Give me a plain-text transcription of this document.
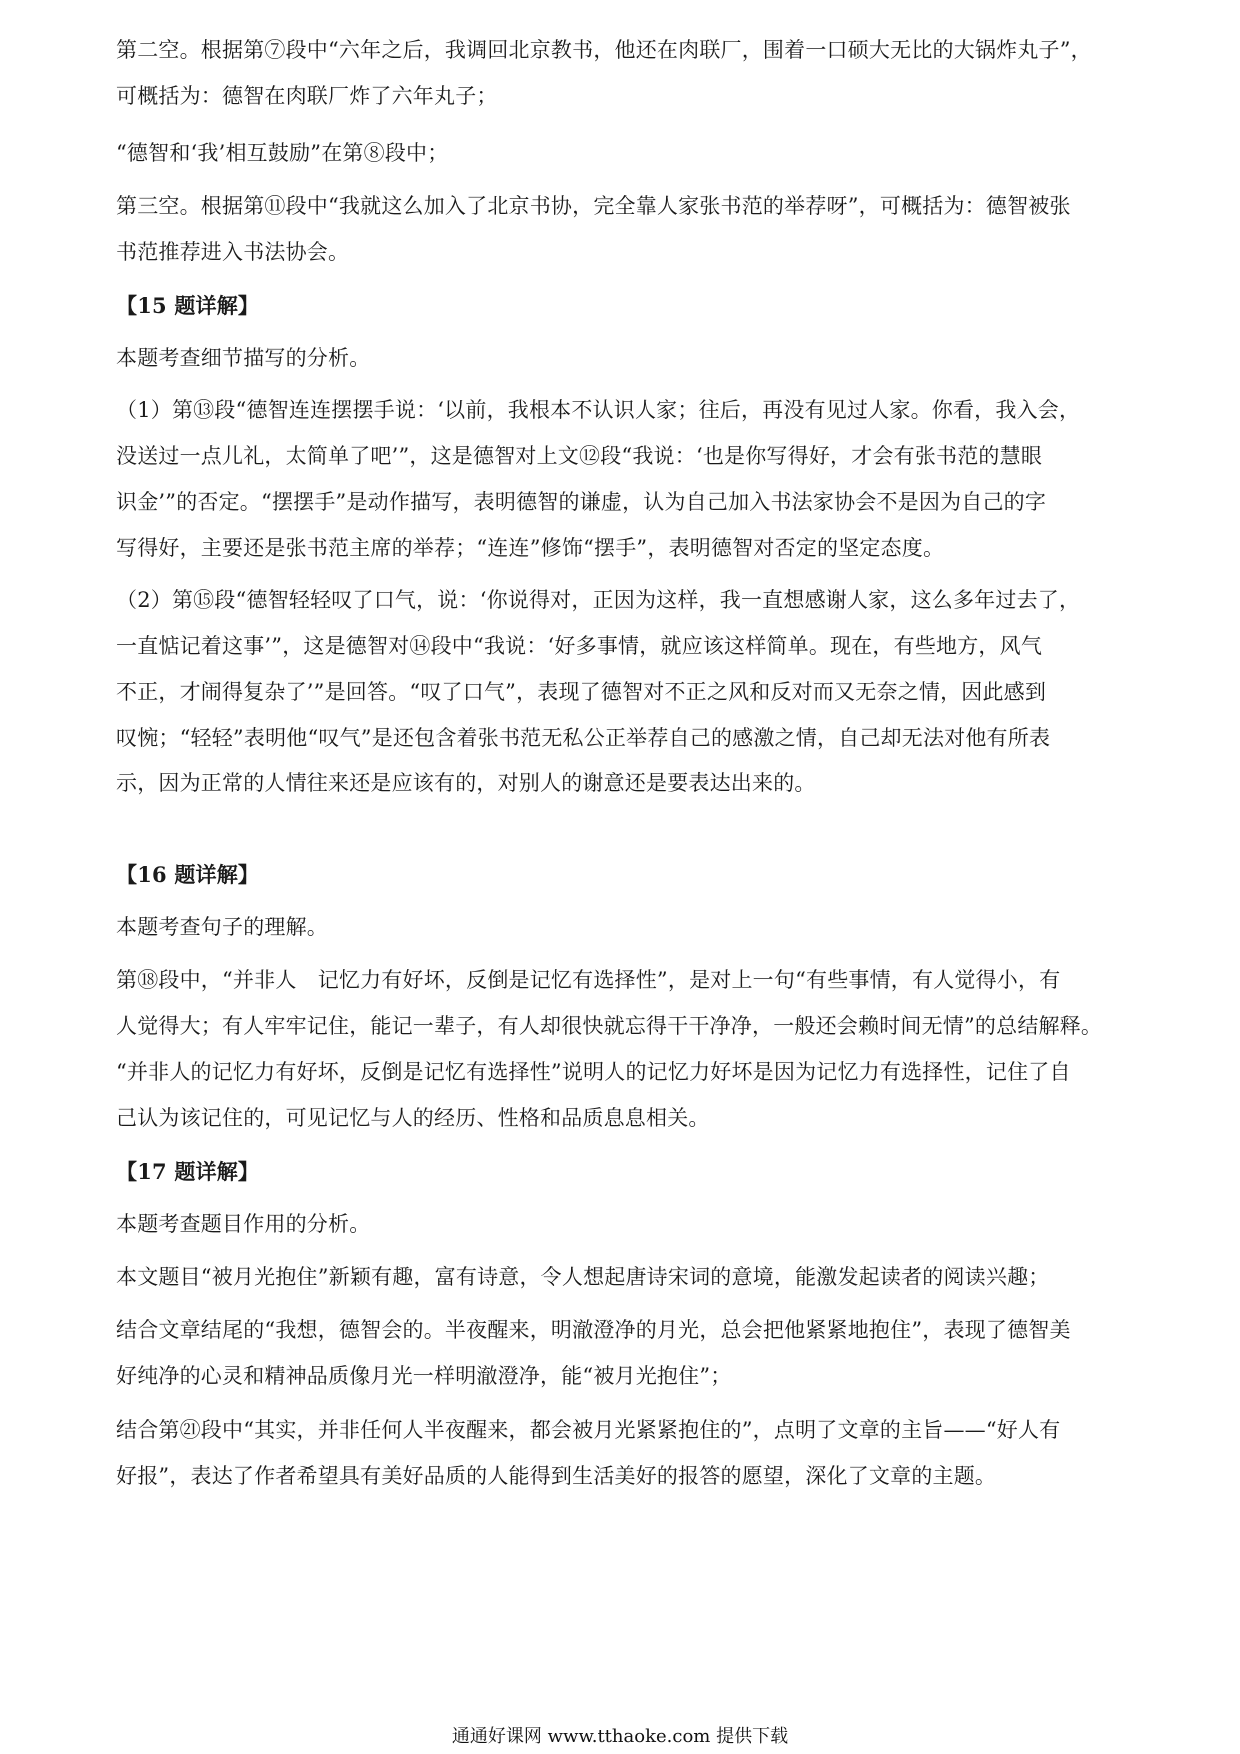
第二空。根据第⑦段中“六年之后，我调回北京教书，他还在肉联厂，围着一口硕大无比的大锅炸丸子”，
可概括为：德智在肉联厂炸了六年丸子；
“德智和‘我’相互鼓励”在第⑧段中；
第三空。根据第⑪段中“我就这么加入了北京书协，完全靠人家张书范的举荐呀”，可概括为：德智被张
书范推荐进入书法协会。
【15 题详解】
本题考查细节描写的分析。
（1）第⑬段“德智连连摆摆手说：‘以前，我根本不认识人家；往后，再没有见过人家。你看，我入会，
没送过一点儿礼，太简单了吧’”，这是德智对上文⑫段“我说：‘也是你写得好，才会有张书范的慧眼
识金’”的否定。“摆摆手”是动作描写，表明德智的谦虚，认为自己加入书法家协会不是因为自己的字
写得好，主要还是张书范主席的举荐；“连连”修饰“摆手”，表明德智对否定的坚定态度。
（2）第⑮段“德智轻轻叹了口气，说：‘你说得对，正因为这样，我一直想感谢人家，这么多年过去了，
一直惦记着这事’”，这是德智对⑭段中“我说：‘好多事情，就应该这样简单。现在，有些地方，风气
不正，才闹得复杂了’”是回答。“叹了口气”，表现了德智对不正之风和反对而又无奈之情，因此感到
叹惋；“轻轻”表明他“叹气”是还包含着张书范无私公正举荐自己的感激之情，自己却无法对他有所表
示，因为正常的人情往来还是应该有的，对别人的谢意还是要表达出来的。
【16 题详解】
本题考查句子的理解。
第⑱段中，“并非人　记忆力有好坏，反倒是记忆有选择性”，是对上一句“有些事情，有人觉得小，有
人觉得大；有人牢牢记住，能记一辈子，有人却很快就忘得干干净净，一般还会赖时间无情”的总结解释。
“并非人的记忆力有好坏，反倒是记忆有选择性”说明人的记忆力好坏是因为记忆力有选择性，记住了自
己认为该记住的，可见记忆与人的经历、性格和品质息息相关。
【17 题详解】
本题考查题目作用的分析。
本文题目“被月光抱住”新颖有趣，富有诗意，令人想起唐诗宋词的意境，能激发起读者的阅读兴趣；
结合文章结尾的“我想，德智会的。半夜醒来，明澈澄净的月光，总会把他紧紧地抱住”，表现了德智美
好纯净的心灵和精神品质像月光一样明澈澄净，能“被月光抱住”；
结合第㉑段中“其实，并非任何人半夜醒来，都会被月光紧紧抱住的”，点明了文章的主旨——“好人有
好报”，表达了作者希望具有美好品质的人能得到生活美好的报答的愿望，深化了文章的主题。
通通好课网 www.tthaoke.com 提供下载
